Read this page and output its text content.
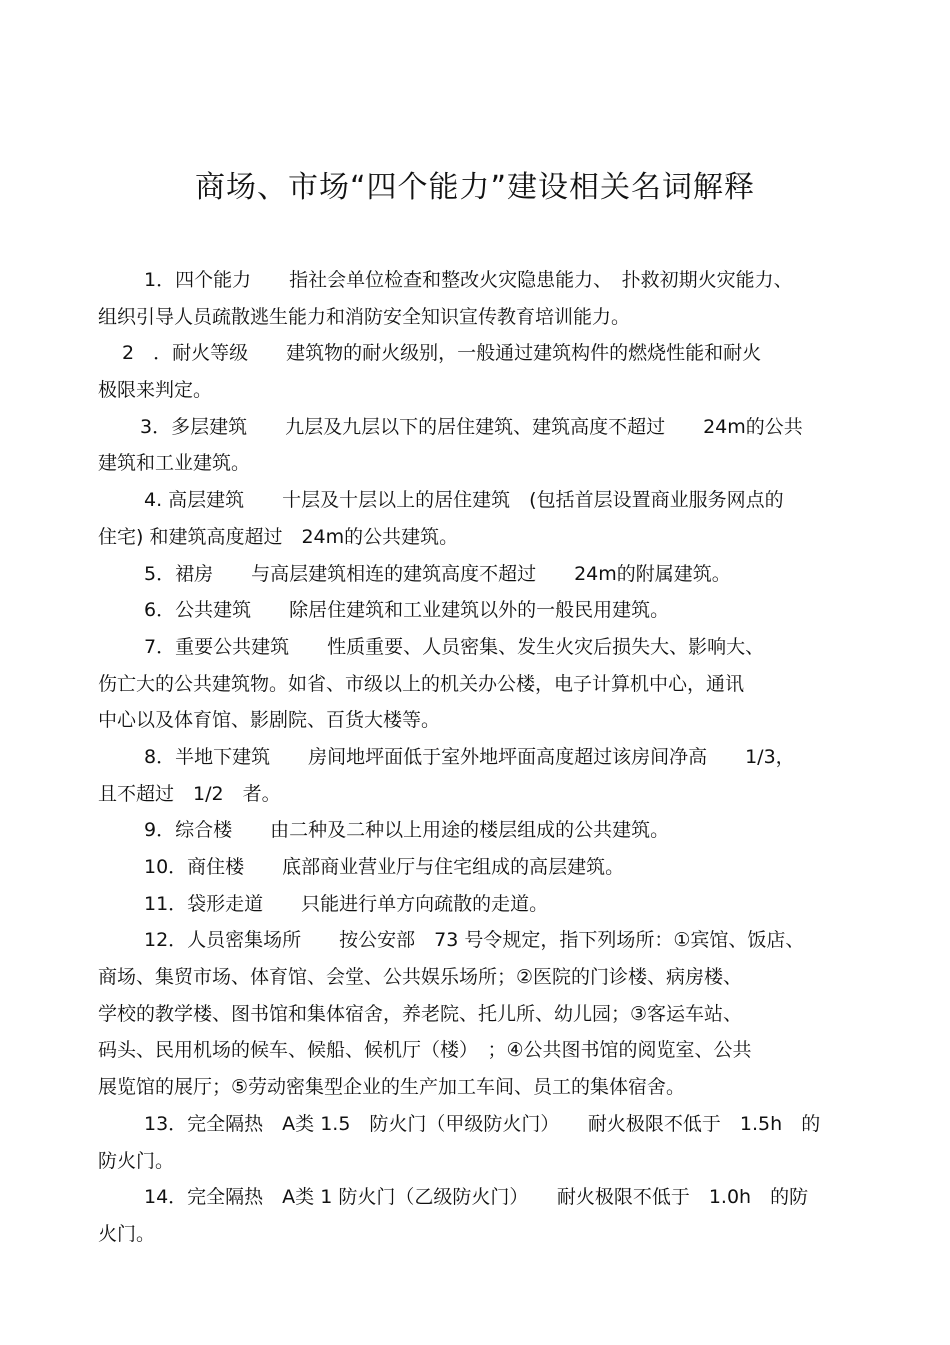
商场、市场“四个能力”建设相关名词解释
1．四个能力　　指社会单位检查和整改火灾隐患能力、　扑救初期火灾能力、
组织引导人员疏散逃生能力和消防安全知识宣传教育培训能力。
2　．耐火等级　　建筑物的耐火级别，一般通过建筑构件的燃烧性能和耐火
极限来判定。
3．多层建筑　　九层及九层以下的居住建筑、建筑高度不超过　　24m的公共
建筑和工业建筑。
4. 高层建筑　　十层及十层以上的居住建筑　(包括首层设置商业服务网点的
住宅) 和建筑高度超过　24m的公共建筑。
5．裙房　　与高层建筑相连的建筑高度不超过　　24m的附属建筑。
6．公共建筑　　除居住建筑和工业建筑以外的一般民用建筑。
7．重要公共建筑　　性质重要、人员密集、发生火灾后损失大、影响大、
伤亡大的公共建筑物。如省、市级以上的机关办公楼，电子计算机中心，通讯
中心以及体育馆、影剧院、百货大楼等。
8．半地下建筑　　房间地坪面低于室外地坪面高度超过该房间净高　　1/3，
且不超过　1/2　者。
9．综合楼　　由二种及二种以上用途的楼层组成的公共建筑。
10．商住楼　　底部商业营业厅与住宅组成的高层建筑。
11．袋形走道　　只能进行单方向疏散的走道。
12．人员密集场所　　按公安部　73 号令规定，指下列场所：①宾馆、饭店、
商场、集贸市场、体育馆、会堂、公共娱乐场所；②医院的门诊楼、病房楼、
学校的教学楼、图书馆和集体宿舍，养老院、托儿所、幼儿园；③客运车站、
码头、民用机场的候车、候船、候机厅（楼）　；④公共图书馆的阅览室、公共
展览馆的展厅；⑤劳动密集型企业的生产加工车间、员工的集体宿舍。
13．完全隔热　A类 1.5　防火门（甲级防火门）　　耐火极限不低于　1.5h　的
防火门。
14．完全隔热　A类 1 防火门（乙级防火门）　　耐火极限不低于　1.0h　的防
火门。
